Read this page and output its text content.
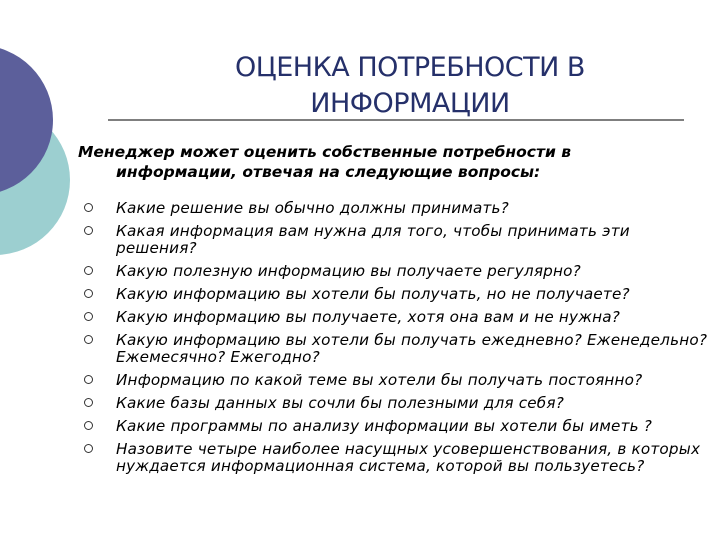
ОЦЕНКА ПОТРЕБНОСТИ В ИНФОРМАЦИИ
Менеджер может оценить собственные потребности в информации, отвечая на следующие вопросы:
Какие решение вы обычно должны принимать?
Какая информация вам нужна для того, чтобы принимать эти решения?
Какую полезную информацию вы получаете регулярно?
Какую информацию вы хотели бы получать, но не получаете?
Какую информацию вы получаете, хотя она вам и не нужна?
Какую информацию вы хотели бы получать ежедневно? Еженедельно? Ежемесячно? Ежегодно?
Информацию по какой теме вы хотели бы получать постоянно?
Какие базы данных вы сочли бы полезными для себя?
Какие программы по анализу информации вы хотели бы иметь ?
Назовите четыре наиболее насущных усовершенствования, в которых нуждается информационная система, которой вы пользуетесь?
